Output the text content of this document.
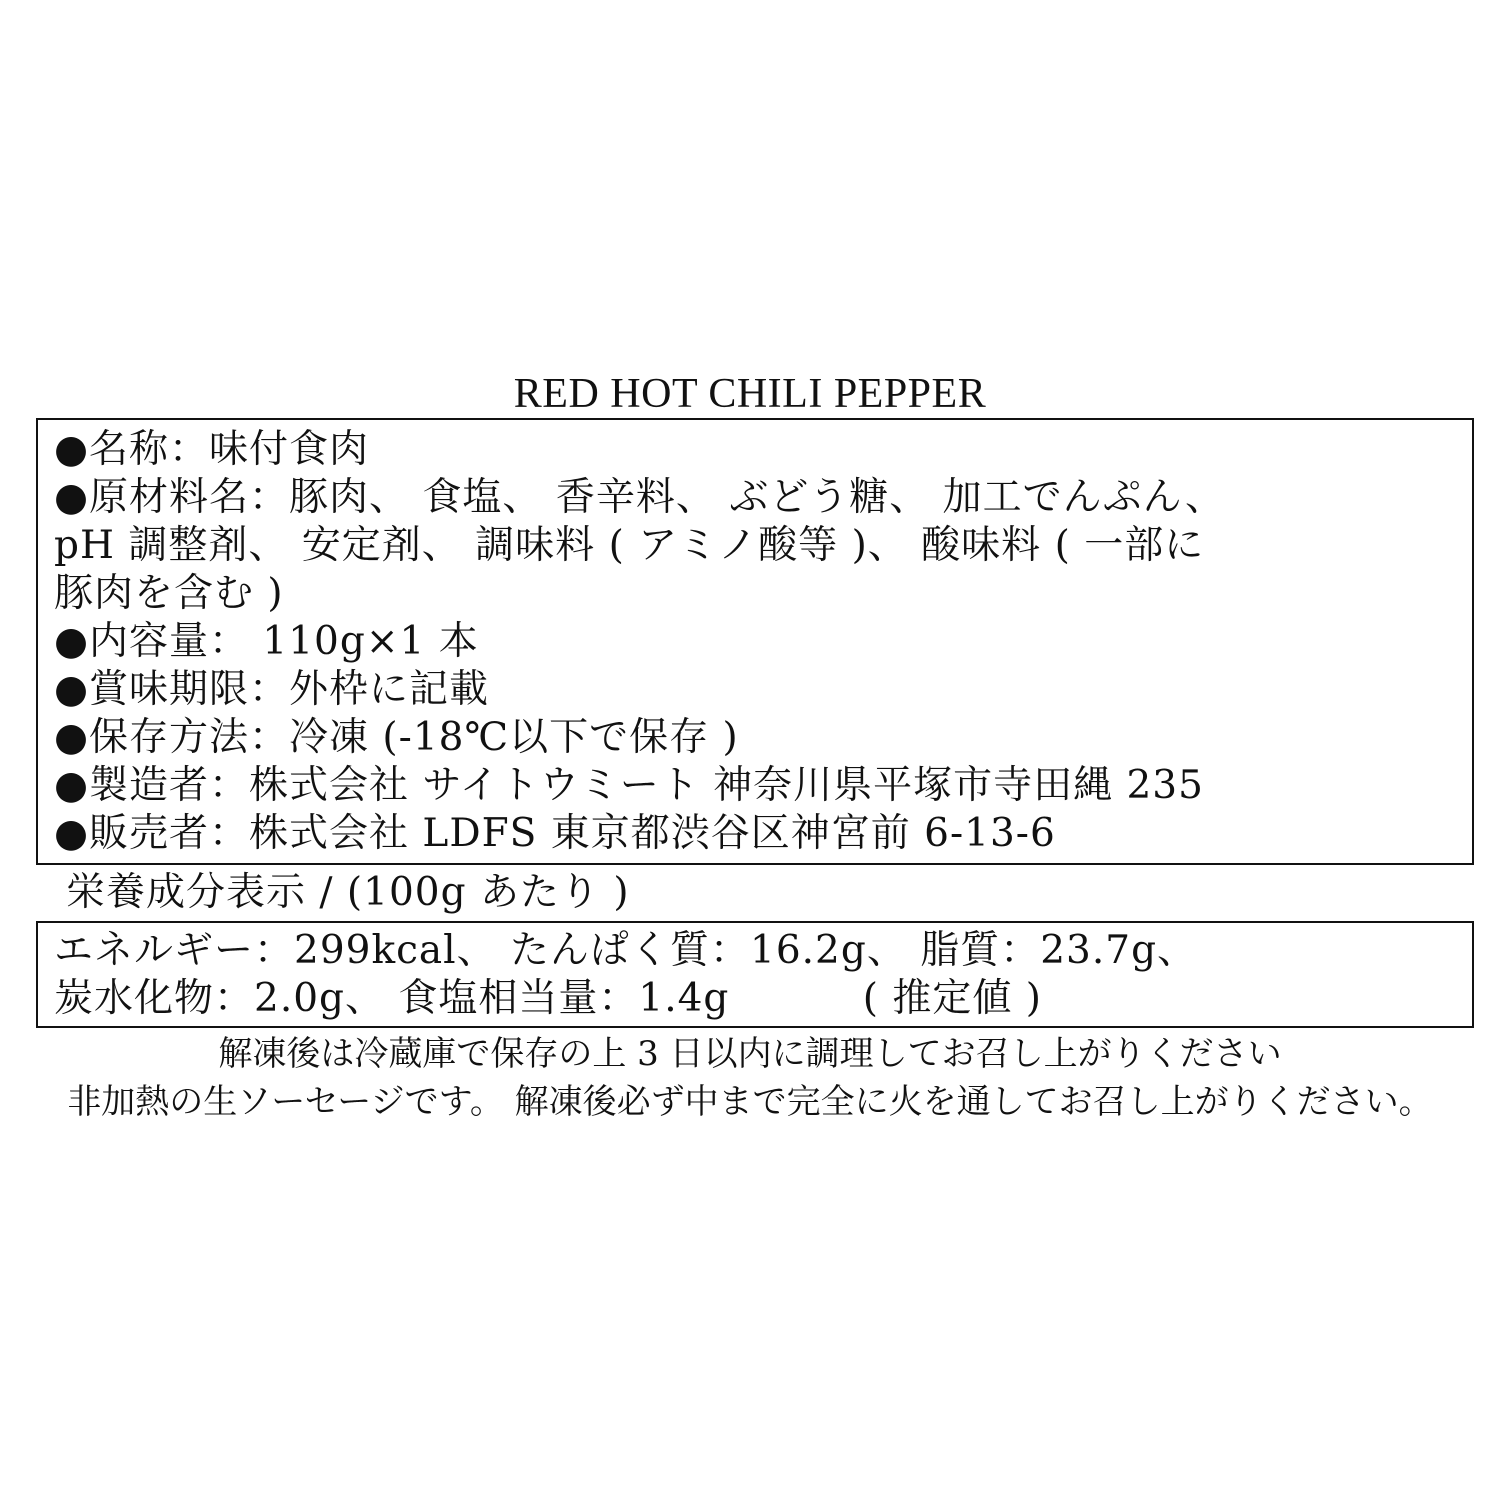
RED HOT CHILI PEPPER
●名称：味付食肉
●原材料名：豚肉、 食塩、 香辛料、 ぶどう糖、 加工でんぷん、
pH 調整剤、 安定剤、 調味料 ( アミノ酸等 )、 酸味料 ( 一部に
豚肉を含む )
●内容量： 110g×1 本
●賞味期限：外枠に記載
●保存方法：冷凍 (-18℃以下で保存 )
●製造者：株式会社 サイトウミート 神奈川県平塚市寺田縄 235
●販売者：株式会社 LDFS 東京都渋谷区神宮前 6-13-6
栄養成分表示 / (100g あたり )
エネルギー：299kcal、 たんぱく質：16.2g、 脂質：23.7g、
炭水化物：2.0g、 食塩相当量：1.4g 　　　( 推定値 )
解凍後は冷蔵庫で保存の上 3 日以内に調理してお召し上がりください
非加熱の生ソーセージです。 解凍後必ず中まで完全に火を通してお召し上がりください。
